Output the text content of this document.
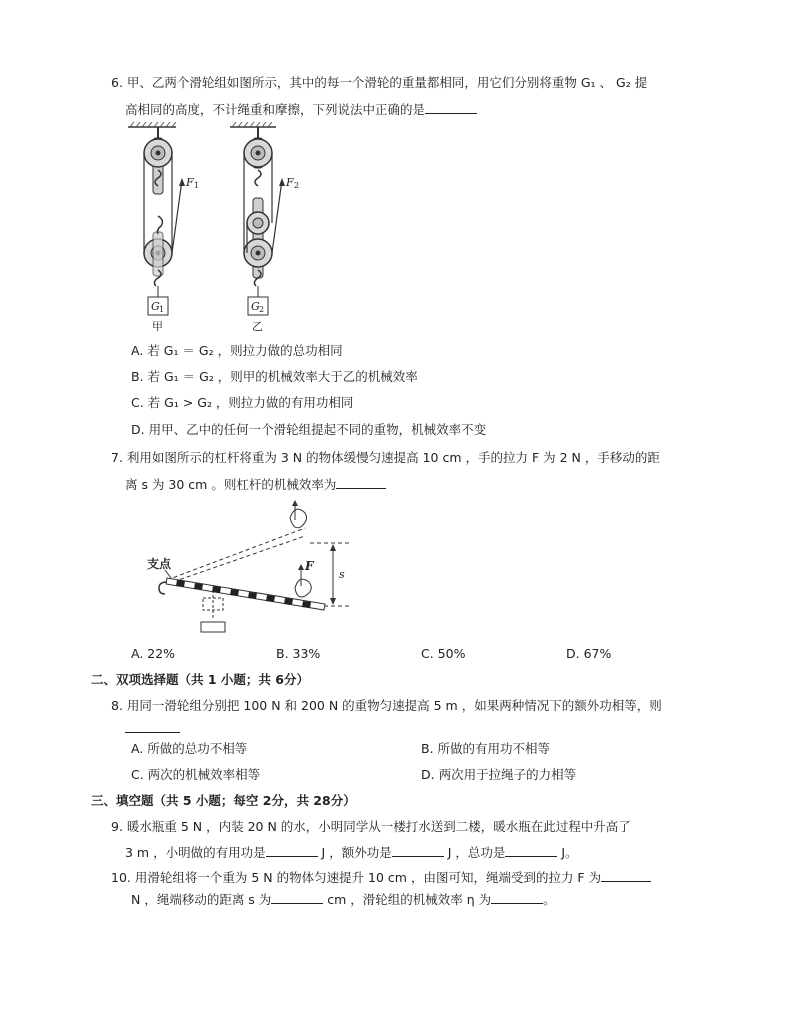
6. 甲、乙两个滑轮组如图所示，其中的每一个滑轮的重量都相同，用它们分别将重物 G₁ 、 G₂ 提
高相同的高度，不计绳重和摩擦，下列说法中正确的是
F 1
G 1
甲
F 2
G 2
乙
A. 若 G₁ ＝ G₂ ，则拉力做的总功相同
B. 若 G₁ ＝ G₂ ，则甲的机械效率大于乙的机械效率
C. 若 G₁ > G₂ ，则拉力做的有用功相同
D. 用甲、乙中的任何一个滑轮组提起不同的重物，机械效率不变
7. 利用如图所示的杠杆将重为 3 N 的物体缓慢匀速提高 10 cm ，手的拉力 F 为 2 N ，手移动的距
离 s 为 30 cm 。则杠杆的机械效率为
s
支点	F
A. 22%	B. 33%	C. 50%	D. 67%
二、双项选择题（共 1 小题；共 6分）
8. 用同一滑轮组分别把 100 N 和 200 N 的重物匀速提高 5 m ，如果两种情况下的额外功相等，则
A. 所做的总功不相等	B. 所做的有用功不相等
C. 两次的机械效率相等	D. 两次用于拉绳子的力相等
三、填空题（共 5 小题；每空 2分，共 28分）
9. 暖水瓶重 5 N ，内装 20 N 的水，小明同学从一楼打水送到二楼，暖水瓶在此过程中升高了
3 m ，小明做的有用功是	J ，额外功是	J ，总功是	J。
10. 用滑轮组将一个重为 5 N 的物体匀速提升 10 cm ，由图可知，绳端受到的拉力 F 为
N ，绳端移动的距离 s 为	cm ，滑轮组的机械效率 η 为	。
